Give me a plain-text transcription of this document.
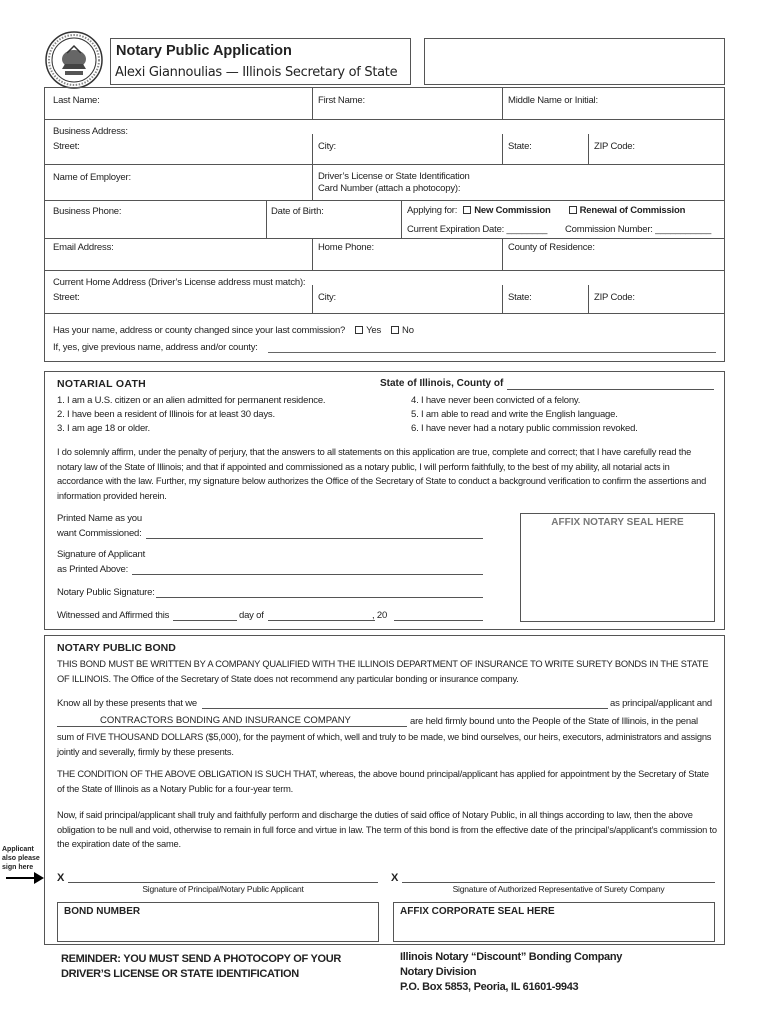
Notary Public Application
Alexi Giannoulias — Illinois Secretary of State
Last Name:	First Name:	Middle Name or Initial:
Business Address:
Street:	City:	State:	ZIP Code:
Name of Employer:	Driver’s License or State Identification
Card Number (attach a photocopy):
Business Phone:	Date of Birth:	Applying for: New Commission	Renewal of Commission
Current Expiration Date: ________ Commission Number: ___________
Email Address:	Home Phone:	County of Residence:
Current Home Address (Driver’s License address must match):
Street:	City:	State:	ZIP Code:
Has your name, address or county changed since your last commission? Yes No
If, yes, give previous name, address and/or county:
NOTARIAL OATH	State of Illinois, County of
1. I am a U.S. citizen or an alien admitted for permanent residence.
2. I have been a resident of Illinois for at least 30 days.
3. I am age 18 or older.
4. I have never been convicted of a felony.
5. I am able to read and write the English language.
6. I have never had a notary public commission revoked.
I do solemnly affirm, under the penalty of perjury, that the answers to all statements on this application are true, complete and correct; that I have carefully read the notary law of the State of Illinois; and that if appointed and commissioned as a notary public, I will perform faithfully, to the best of my ability, all notarial acts in accordance with the law. Further, my signature below authorizes the Office of the Secretary of State to conduct a background verification to confirm the assertions and information provided herein.
Printed Name as you
want Commissioned:
Signature of Applicant
as Printed Above:
Notary Public Signature:
Witnessed and Affirmed this	day of	, 20
AFFIX NOTARY SEAL HERE
NOTARY PUBLIC BOND
THIS BOND MUST BE WRITTEN BY A COMPANY QUALIFIED WITH THE ILLINOIS DEPARTMENT OF INSURANCE TO WRITE SURETY BONDS IN THE STATE OF ILLINOIS. The Office of the Secretary of State does not recommend any particular bonding or insurance company.
Know all by these presents that we	as principal/applicant and
CONTRACTORS BONDING AND INSURANCE COMPANY	are held firmly bound unto the People of the State of Illinois, in the penal
sum of FIVE THOUSAND DOLLARS ($5,000), for the payment of which, well and truly to be made, we bind ourselves, our heirs, executors, administrators and assigns jointly and severally, firmly by these presents.
THE CONDITION OF THE ABOVE OBLIGATION IS SUCH THAT, whereas, the above bound principal/applicant has applied for appointment by the Secretary of State of the State of Illinois as a Notary Public for a four-year term.
Now, if said principal/applicant shall truly and faithfully perform and discharge the duties of said office of Notary Public, in all things according to law, then the above obligation to be null and void, otherwise to remain in full force and virtue in law. The term of this bond is from the effective date of the principal’s/applicant’s commission to the expiration date of the same.
Applicant also please sign here
X
Signature of Principal/Notary Public Applicant
X
Signature of Authorized Representative of Surety Company
BOND NUMBER	AFFIX CORPORATE SEAL HERE
REMINDER: YOU MUST SEND A PHOTOCOPY OF YOUR
DRIVER’S LICENSE OR STATE IDENTIFICATION
Illinois Notary “Discount” Bonding Company
Notary Division
P.O. Box 5853, Peoria, IL 61601-9943
